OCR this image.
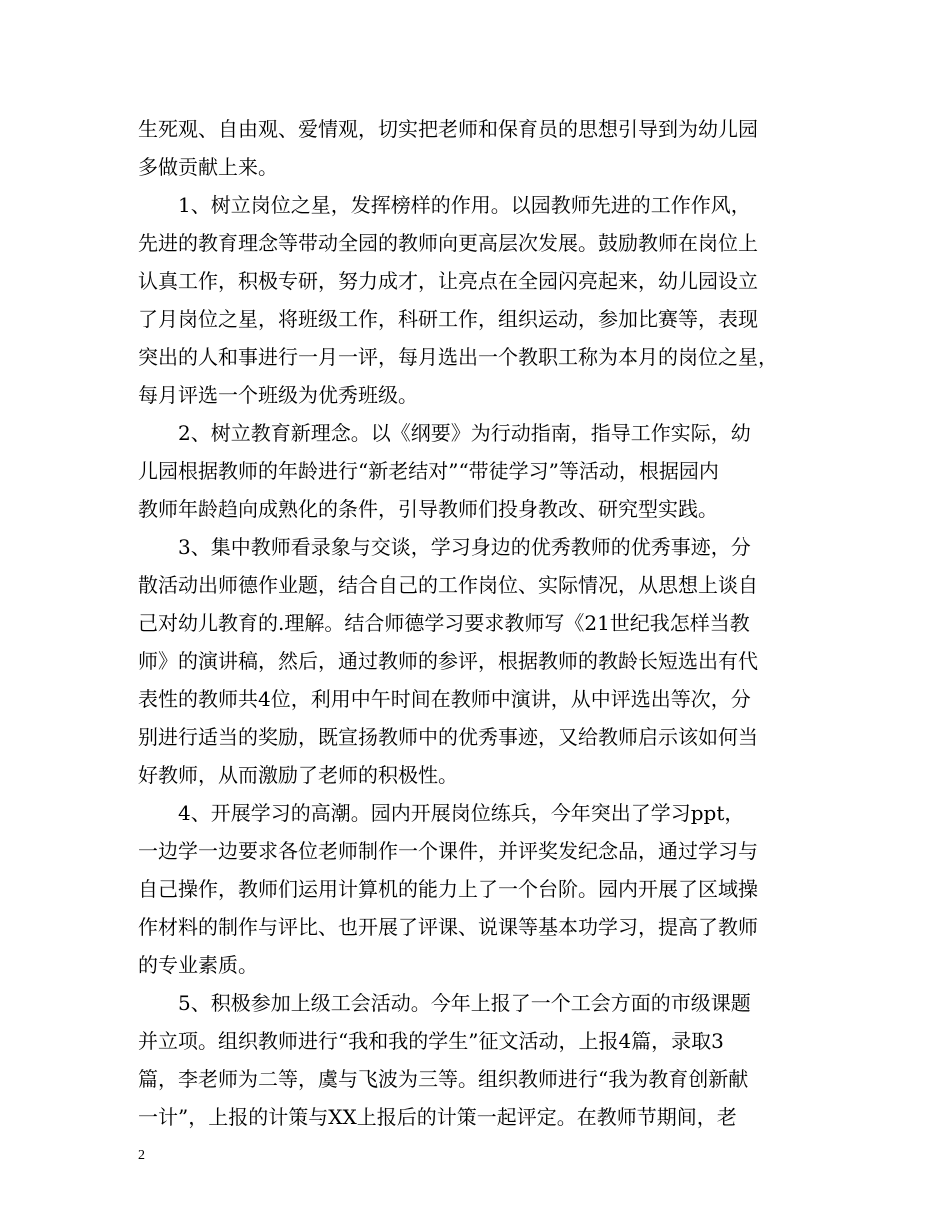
生死观、自由观、爱情观，切实把老师和保育员的思想引导到为幼儿园
多做贡献上来。
1、树立岗位之星，发挥榜样的作用。以园教师先进的工作作风，
先进的教育理念等带动全园的教师向更高层次发展。鼓励教师在岗位上
认真工作，积极专研，努力成才，让亮点在全园闪亮起来，幼儿园设立
了月岗位之星，将班级工作，科研工作，组织运动，参加比赛等，表现
突出的人和事进行一月一评，每月选出一个教职工称为本月的岗位之星，
每月评选一个班级为优秀班级。
2、树立教育新理念。以《纲要》为行动指南，指导工作实际，幼
儿园根据教师的年龄进行“新老结对”“带徒学习”等活动，根据园内
教师年龄趋向成熟化的条件，引导教师们投身教改、研究型实践。
3、集中教师看录象与交谈，学习身边的优秀教师的优秀事迹，分
散活动出师德作业题，结合自己的工作岗位、实际情况，从思想上谈自
己对幼儿教育的.理解。结合师德学习要求教师写《21世纪我怎样当教
师》的演讲稿，然后，通过教师的参评，根据教师的教龄长短选出有代
表性的教师共4位，利用中午时间在教师中演讲，从中评选出等次，分
别进行适当的奖励，既宣扬教师中的优秀事迹，又给教师启示该如何当
好教师，从而激励了老师的积极性。
4、开展学习的高潮。园内开展岗位练兵，今年突出了学习ppt，
一边学一边要求各位老师制作一个课件，并评奖发纪念品，通过学习与
自己操作，教师们运用计算机的能力上了一个台阶。园内开展了区域操
作材料的制作与评比、也开展了评课、说课等基本功学习，提高了教师
的专业素质。
5、积极参加上级工会活动。今年上报了一个工会方面的市级课题
并立项。组织教师进行“我和我的学生”征文活动，上报4篇，录取3
篇，李老师为二等，虞与飞波为三等。组织教师进行“我为教育创新献
一计”，上报的计策与XX上报后的计策一起评定。在教师节期间，老
2
